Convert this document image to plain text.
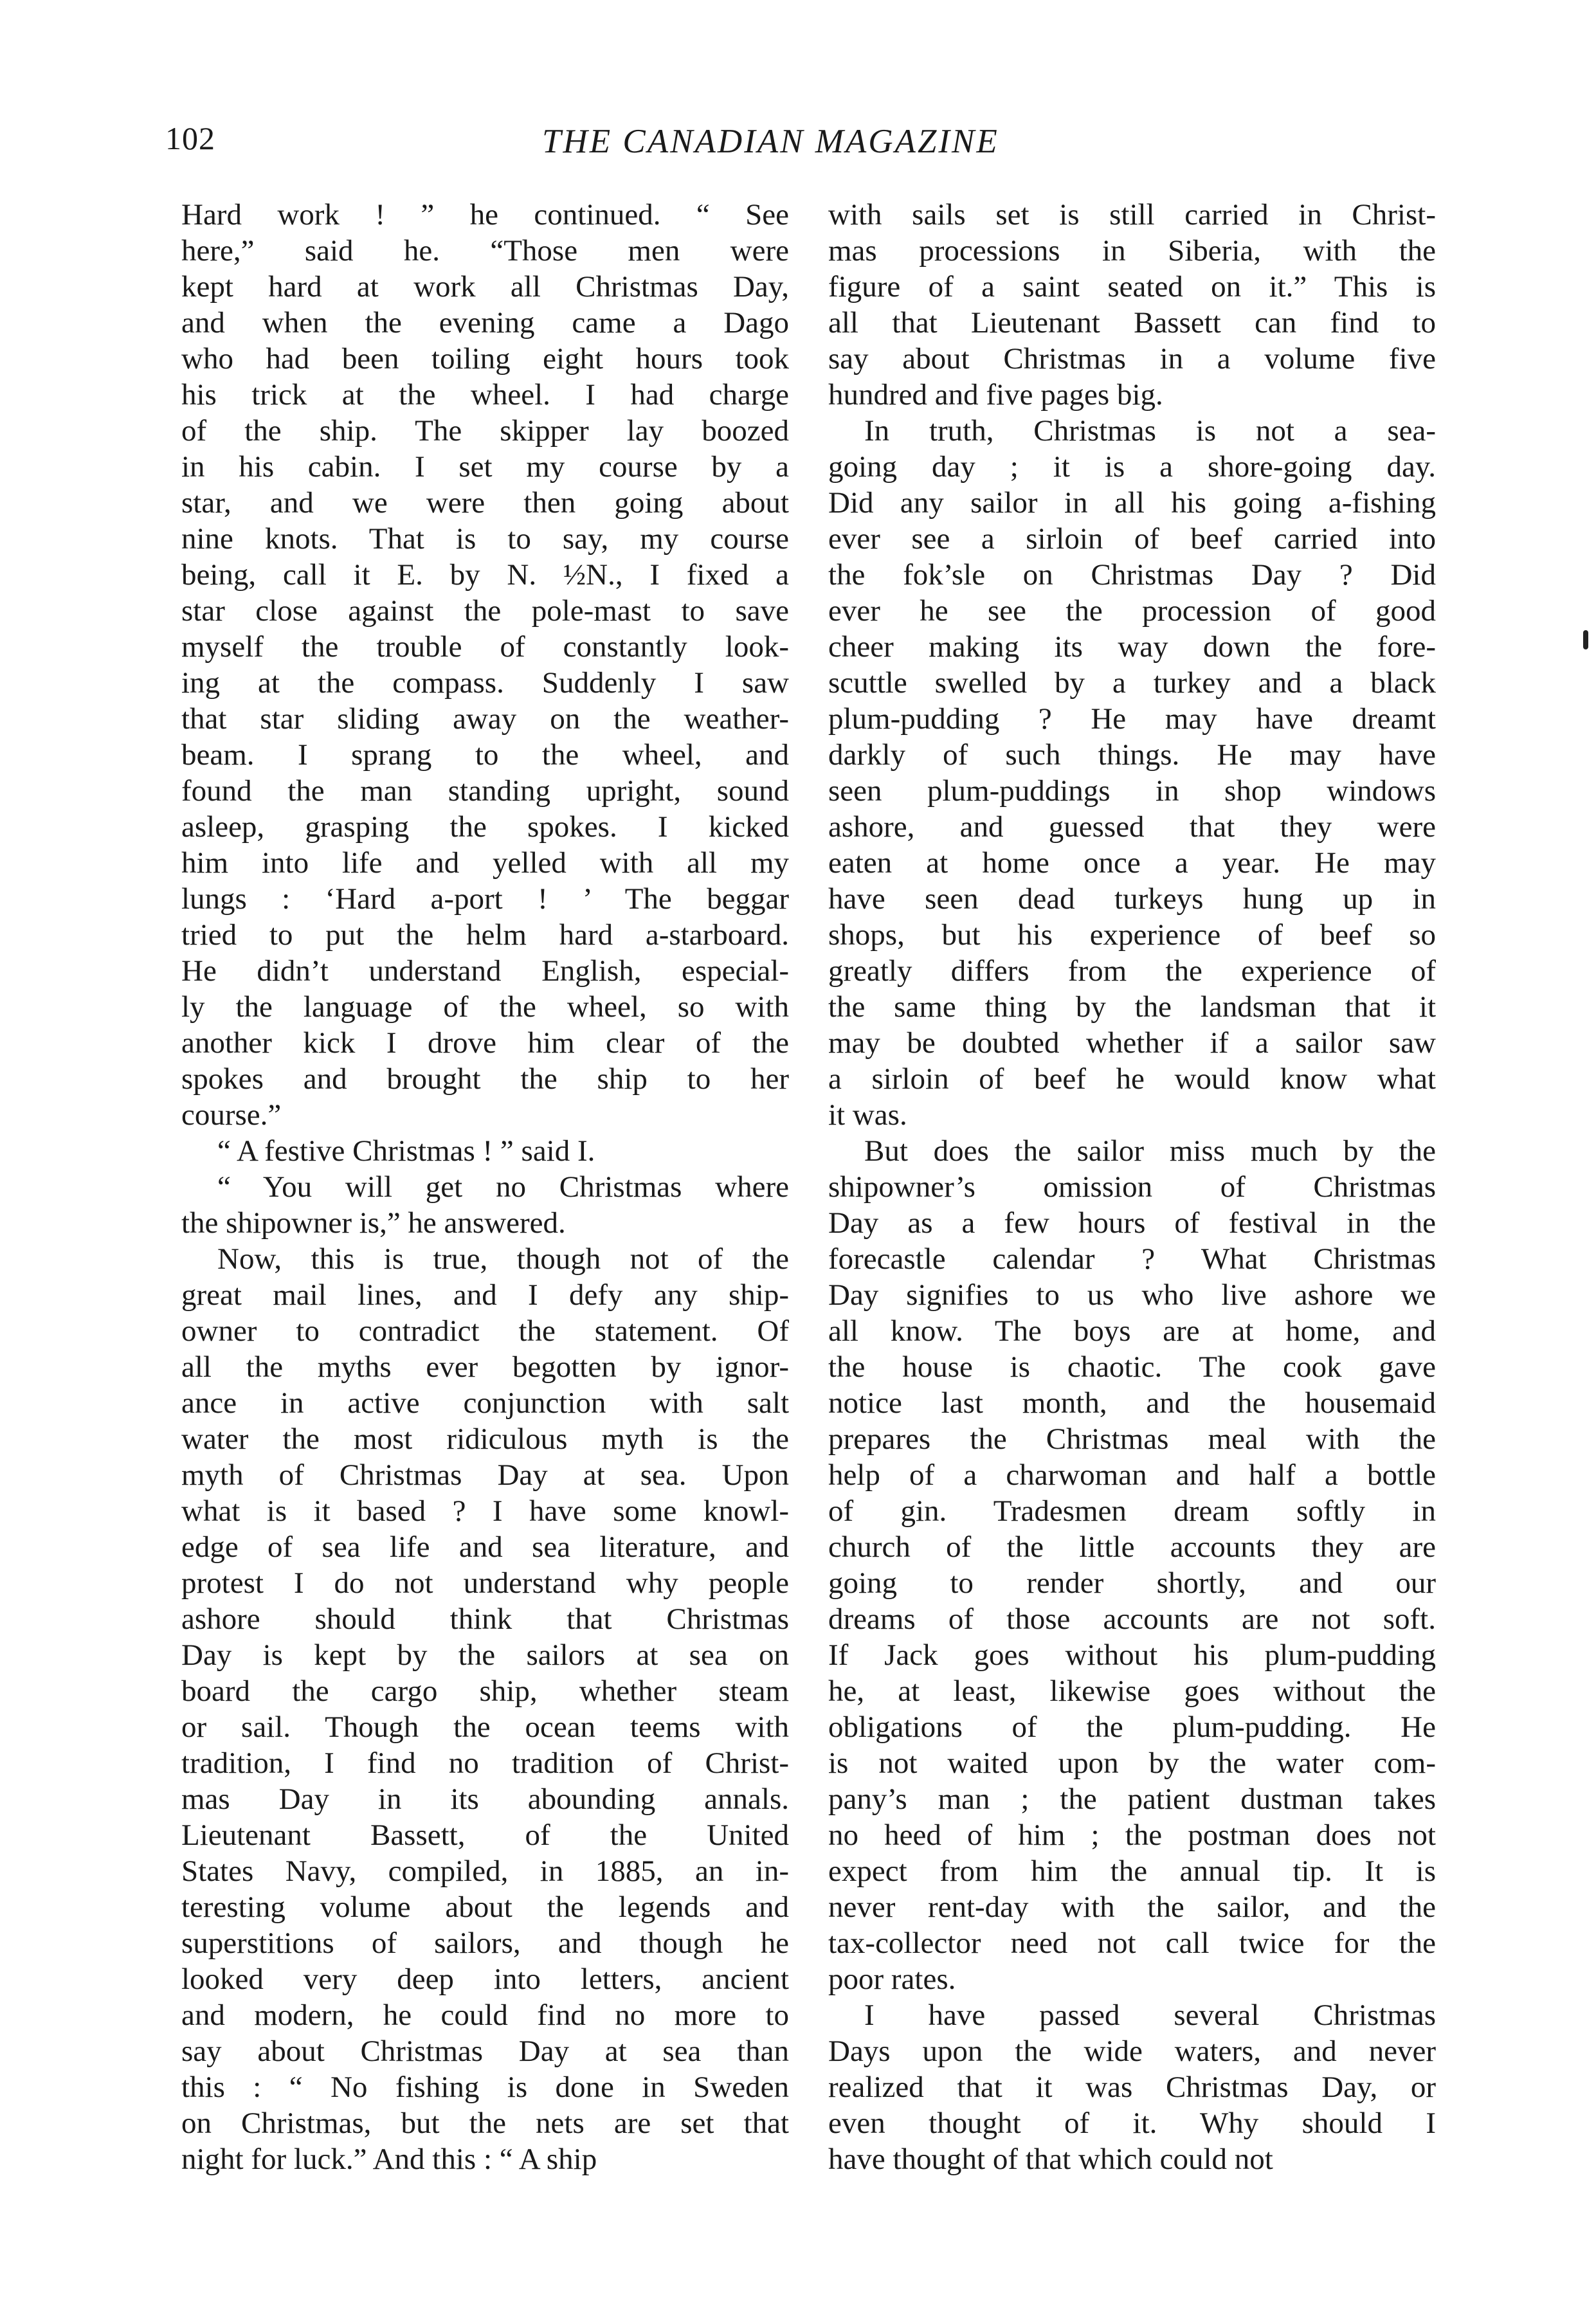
102	THE CANADIAN MAGAZINE
Hard work ! ” he continued. “ See
here,” said he. “Those men were
kept hard at work all Christmas Day,
and when the evening came a Dago
who had been toiling eight hours took
his trick at the wheel. I had charge
of the ship. The skipper lay boozed
in his cabin. I set my course by a
star, and we were then going about
nine knots. That is to say, my course
being, call it E. by N. ½N., I fixed a
star close against the pole-mast to save
myself the trouble of constantly look-
ing at the compass. Suddenly I saw
that star sliding away on the weather-
beam. I sprang to the wheel, and
found the man standing upright, sound
asleep, grasping the spokes. I kicked
him into life and yelled with all my
lungs : ‘Hard a-port ! ’ The beggar
tried to put the helm hard a-starboard.
He didn’t understand English, especial-
ly the language of the wheel, so with
another kick I drove him clear of the
spokes and brought the ship to her
course.”
“ A festive Christmas ! ” said I.
“ You will get no Christmas where
the shipowner is,” he answered.
Now, this is true, though not of the
great mail lines, and I defy any ship-
owner to contradict the statement. Of
all the myths ever begotten by ignor-
ance in active conjunction with salt
water the most ridiculous myth is the
myth of Christmas Day at sea. Upon
what is it based ? I have some knowl-
edge of sea life and sea literature, and
protest I do not understand why people
ashore should think that Christmas
Day is kept by the sailors at sea on
board the cargo ship, whether steam
or sail. Though the ocean teems with
tradition, I find no tradition of Christ-
mas Day in its abounding annals.
Lieutenant Bassett, of the United
States Navy, compiled, in 1885, an in-
teresting volume about the legends and
superstitions of sailors, and though he
looked very deep into letters, ancient
and modern, he could find no more to
say about Christmas Day at sea than
this : “ No fishing is done in Sweden
on Christmas, but the nets are set that
night for luck.” And this : “ A ship
with sails set is still carried in Christ-
mas processions in Siberia, with the
figure of a saint seated on it.” This is
all that Lieutenant Bassett can find to
say about Christmas in a volume five
hundred and five pages big.
In truth, Christmas is not a sea-
going day ; it is a shore-going day.
Did any sailor in all his going a-fishing
ever see a sirloin of beef carried into
the fok’sle on Christmas Day ? Did
ever he see the procession of good
cheer making its way down the fore-
scuttle swelled by a turkey and a black
plum-pudding ? He may have dreamt
darkly of such things. He may have
seen plum-puddings in shop windows
ashore, and guessed that they were
eaten at home once a year. He may
have seen dead turkeys hung up in
shops, but his experience of beef so
greatly differs from the experience of
the same thing by the landsman that it
may be doubted whether if a sailor saw
a sirloin of beef he would know what
it was.
But does the sailor miss much by the
shipowner’s omission of Christmas
Day as a few hours of festival in the
forecastle calendar ? What Christmas
Day signifies to us who live ashore we
all know. The boys are at home, and
the house is chaotic. The cook gave
notice last month, and the housemaid
prepares the Christmas meal with the
help of a charwoman and half a bottle
of gin. Tradesmen dream softly in
church of the little accounts they are
going to render shortly, and our
dreams of those accounts are not soft.
If Jack goes without his plum-pudding
he, at least, likewise goes without the
obligations of the plum-pudding. He
is not waited upon by the water com-
pany’s man ; the patient dustman takes
no heed of him ; the postman does not
expect from him the annual tip. It is
never rent-day with the sailor, and the
tax-collector need not call twice for the
poor rates.
I have passed several Christmas
Days upon the wide waters, and never
realized that it was Christmas Day, or
even thought of it. Why should I
have thought of that which could not
